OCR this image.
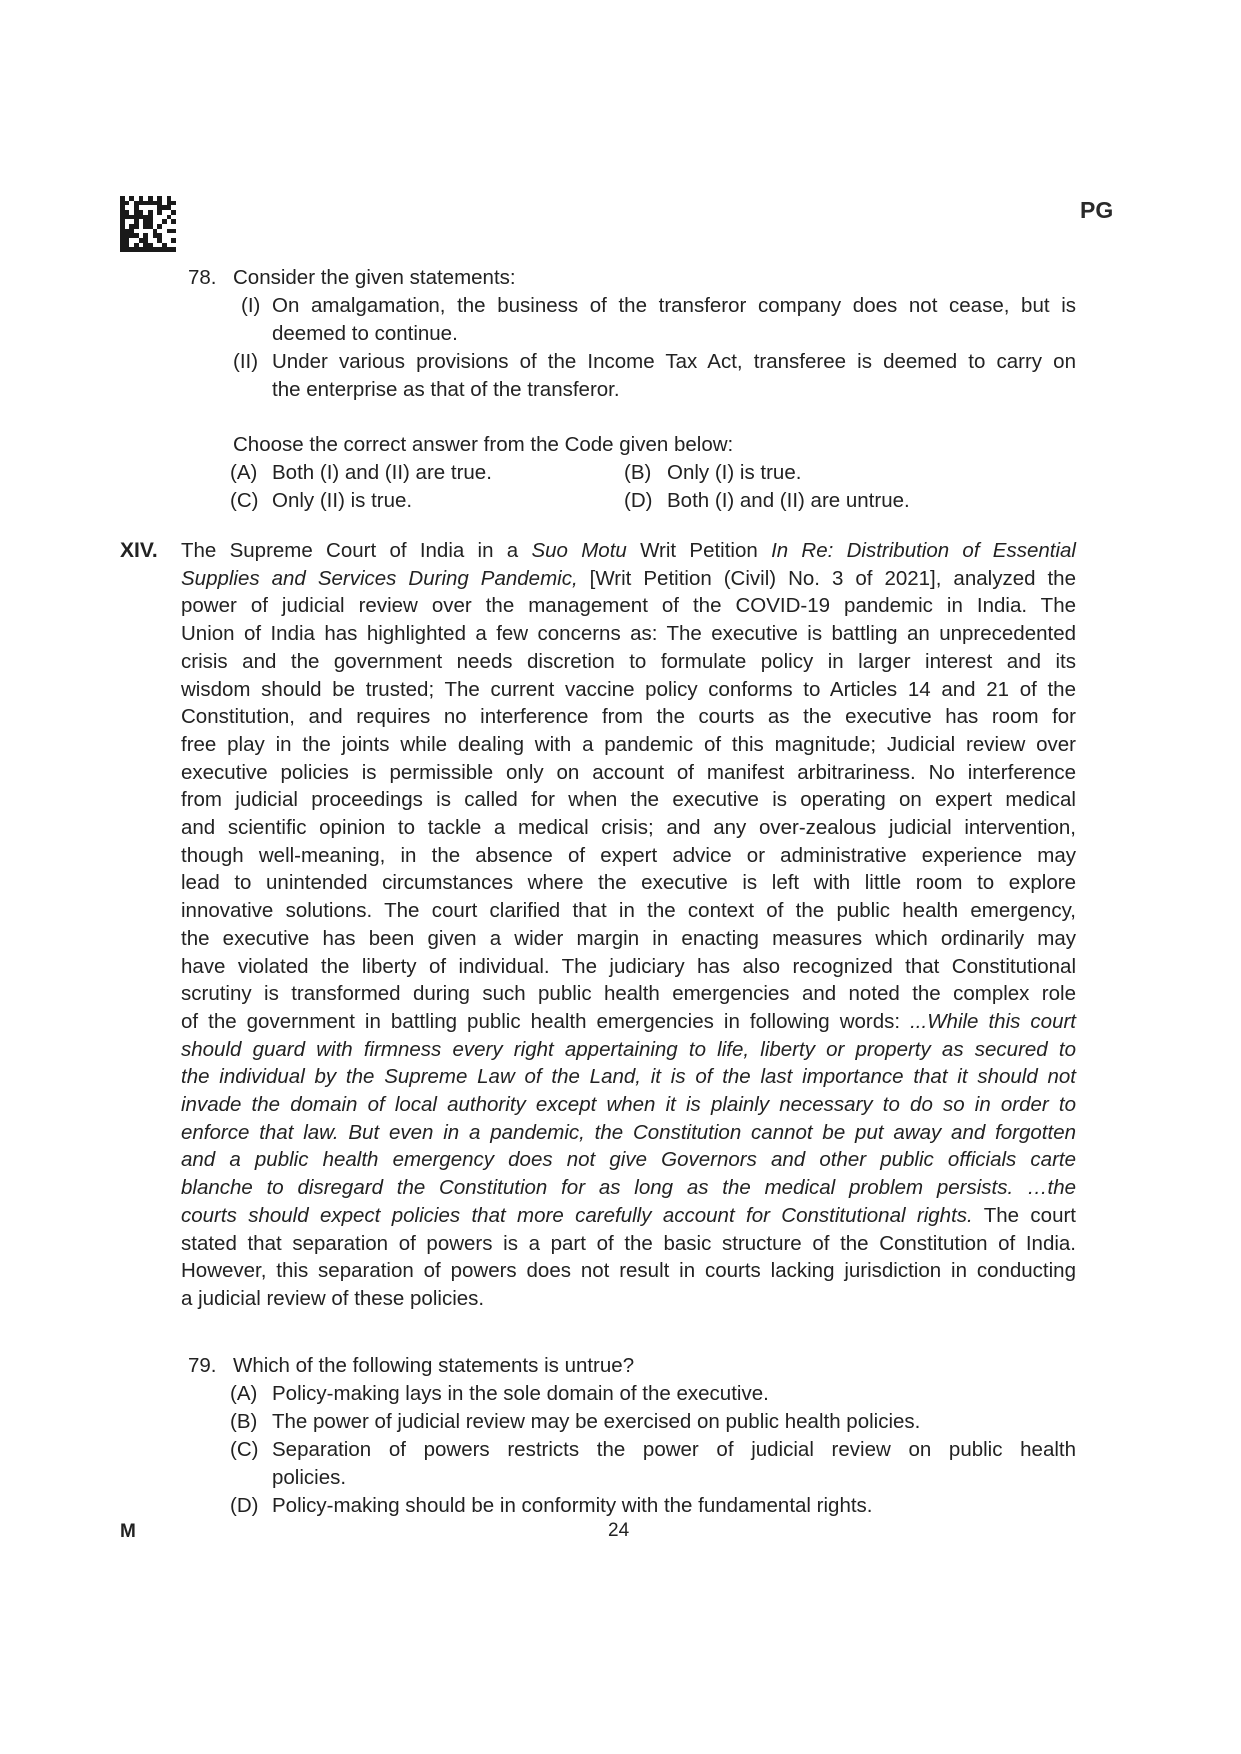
PG
78. Consider the given statements:
(I) On amalgamation, the business of the transferor company does not cease, but is
deemed to continue.
(II) Under various provisions of the Income Tax Act, transferee is deemed to carry on
the enterprise as that of the transferor.
Choose the correct answer from the Code given below:
(A) Both (I) and (II) are true.	(B) Only (I) is true.
(C) Only (II) is true.	(D) Both (I) and (II) are untrue.
XIV. The Supreme Court of India in a Suo Motu Writ Petition In Re: Distribution of Essential
Supplies and Services During Pandemic, [Writ Petition (Civil) No. 3 of 2021], analyzed the
power of judicial review over the management of the COVID-19 pandemic in India. The
Union of India has highlighted a few concerns as: The executive is battling an unprecedented
crisis and the government needs discretion to formulate policy in larger interest and its
wisdom should be trusted; The current vaccine policy conforms to Articles 14 and 21 of the
Constitution, and requires no interference from the courts as the executive has room for
free play in the joints while dealing with a pandemic of this magnitude; Judicial review over
executive policies is permissible only on account of manifest arbitrariness. No interference
from judicial proceedings is called for when the executive is operating on expert medical
and scientific opinion to tackle a medical crisis; and any over-zealous judicial intervention,
though well-meaning, in the absence of expert advice or administrative experience may
lead to unintended circumstances where the executive is left with little room to explore
innovative solutions. The court clarified that in the context of the public health emergency,
the executive has been given a wider margin in enacting measures which ordinarily may
have violated the liberty of individual. The judiciary has also recognized that Constitutional
scrutiny is transformed during such public health emergencies and noted the complex role
of the government in battling public health emergencies in following words: ...While this court
should guard with firmness every right appertaining to life, liberty or property as secured to
the individual by the Supreme Law of the Land, it is of the last importance that it should not
invade the domain of local authority except when it is plainly necessary to do so in order to
enforce that law. But even in a pandemic, the Constitution cannot be put away and forgotten
and a public health emergency does not give Governors and other public officials carte
blanche to disregard the Constitution for as long as the medical problem persists. …the
courts should expect policies that more carefully account for Constitutional rights. The court
stated that separation of powers is a part of the basic structure of the Constitution of India.
However, this separation of powers does not result in courts lacking jurisdiction in conducting
a judicial review of these policies.
79. Which of the following statements is untrue?
(A) Policy-making lays in the sole domain of the executive.
(B) The power of judicial review may be exercised on public health policies.
(C) Separation of powers restricts the power of judicial review on public health
policies.
(D) Policy-making should be in conformity with the fundamental rights.
M	24
